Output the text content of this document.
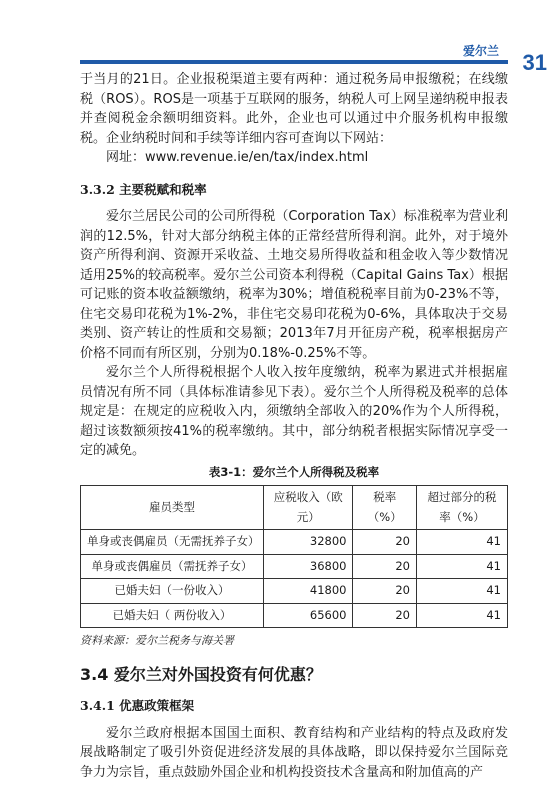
爱尔兰 31

于当月的21日。企业报税渠道主要有两种：通过税务局申报缴税；在线缴税（ROS）。ROS是一项基于互联网的服务，纳税人可上网呈递纳税申报表并查阅税金余额明细资料。此外，企业也可以通过中介服务机构申报缴税。企业纳税时间和手续等详细内容可查询以下网站：

网址：www.revenue.ie/en/tax/index.html

3.3.2 主要税赋和税率

爱尔兰居民公司的公司所得税（Corporation Tax）标准税率为营业利润的12.5%，针对大部分纳税主体的正常经营所得利润。此外，对于境外资产所得利润、资源开采收益、土地交易所得收益和租金收入等少数情况适用25%的较高税率。爱尔兰公司资本利得税（Capital Gains Tax）根据可记账的资本收益额缴纳，税率为30%；增值税税率目前为0-23%不等，住宅交易印花税为1%-2%，非住宅交易印花税为0-6%，具体取决于交易类别、资产转让的性质和交易额；2013年7月开征房产税，税率根据房产价格不同而有所区别，分别为0.18%-0.25%不等。

爱尔兰个人所得税根据个人收入按年度缴纳，税率为累进式并根据雇员情况有所不同（具体标准请参见下表）。爱尔兰个人所得税及税率的总体规定是：在规定的应税收入内，须缴纳全部收入的20%作为个人所得税，超过该数额须按41%的税率缴纳。其中，部分纳税者根据实际情况享受一定的减免。

表3-1：爱尔兰个人所得税及税率
雇员类型	应税收入（欧元）	税率（%）	超过部分的税率（%）
单身或丧偶雇员（无需抚养子女）	32800	20	41
单身或丧偶雇员（需抚养子女）	36800	20	41
已婚夫妇（一份收入）	41800	20	41
已婚夫妇（ 两份收入）	65600	20	41
资料来源：爱尔兰税务与海关署
3.4 爱尔兰对外国投资有何优惠？
3.4.1 优惠政策框架

爱尔兰政府根据本国国土面积、教育结构和产业结构的特点及政府发展战略制定了吸引外资促进经济发展的具体战略，即以保持爱尔兰国际竞争力为宗旨，重点鼓励外国企业和机构投资技术含量高和附加值高的产
